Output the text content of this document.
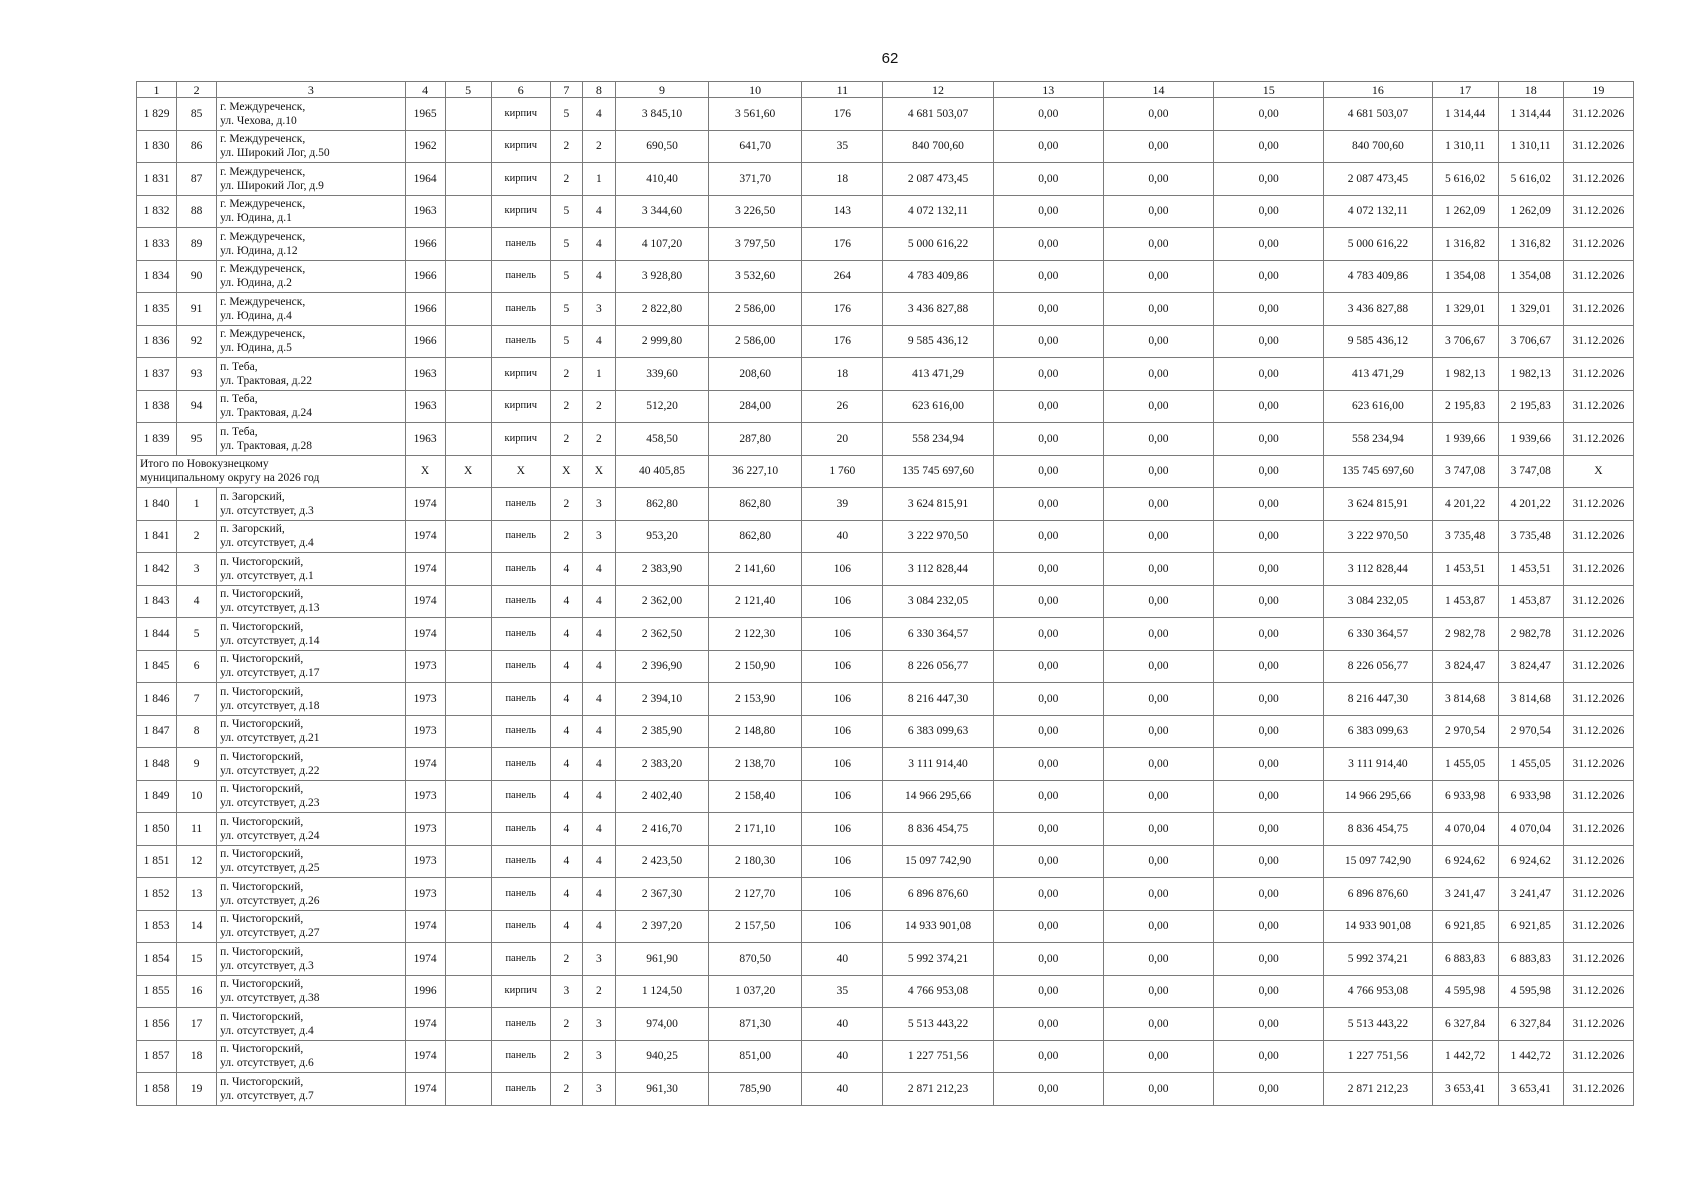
62
1	2	3	4	5	6	7	8	9	10	11	12	13	14	15	16	17	18	19
1 829	85	г. Междуреченск,
ул. Чехова, д.10	1965		кирпич	5	4	3 845,10	3 561,60	176	4 681 503,07	0,00	0,00	0,00	4 681 503,07	1 314,44	1 314,44	31.12.2026
1 830	86	г. Междуреченск,
ул. Широкий Лог, д.50	1962		кирпич	2	2	690,50	641,70	35	840 700,60	0,00	0,00	0,00	840 700,60	1 310,11	1 310,11	31.12.2026
1 831	87	г. Междуреченск,
ул. Широкий Лог, д.9	1964		кирпич	2	1	410,40	371,70	18	2 087 473,45	0,00	0,00	0,00	2 087 473,45	5 616,02	5 616,02	31.12.2026
1 832	88	г. Междуреченск,
ул. Юдина, д.1	1963		кирпич	5	4	3 344,60	3 226,50	143	4 072 132,11	0,00	0,00	0,00	4 072 132,11	1 262,09	1 262,09	31.12.2026
1 833	89	г. Междуреченск,
ул. Юдина, д.12	1966		панель	5	4	4 107,20	3 797,50	176	5 000 616,22	0,00	0,00	0,00	5 000 616,22	1 316,82	1 316,82	31.12.2026
1 834	90	г. Междуреченск,
ул. Юдина, д.2	1966		панель	5	4	3 928,80	3 532,60	264	4 783 409,86	0,00	0,00	0,00	4 783 409,86	1 354,08	1 354,08	31.12.2026
1 835	91	г. Междуреченск,
ул. Юдина, д.4	1966		панель	5	3	2 822,80	2 586,00	176	3 436 827,88	0,00	0,00	0,00	3 436 827,88	1 329,01	1 329,01	31.12.2026
1 836	92	г. Междуреченск,
ул. Юдина, д.5	1966		панель	5	4	2 999,80	2 586,00	176	9 585 436,12	0,00	0,00	0,00	9 585 436,12	3 706,67	3 706,67	31.12.2026
1 837	93	п. Теба,
ул. Трактовая, д.22	1963		кирпич	2	1	339,60	208,60	18	413 471,29	0,00	0,00	0,00	413 471,29	1 982,13	1 982,13	31.12.2026
1 838	94	п. Теба,
ул. Трактовая, д.24	1963		кирпич	2	2	512,20	284,00	26	623 616,00	0,00	0,00	0,00	623 616,00	2 195,83	2 195,83	31.12.2026
1 839	95	п. Теба,
ул. Трактовая, д.28	1963		кирпич	2	2	458,50	287,80	20	558 234,94	0,00	0,00	0,00	558 234,94	1 939,66	1 939,66	31.12.2026

Итого по Новокузнецкому
муниципальному округу на 2026 год			X	X	X	X	X	40 405,85	36 227,10	1 760	135 745 697,60	0,00	0,00	0,00	135 745 697,60	3 747,08	3 747,08	X
1 840	1	п. Загорский,
ул. отсутствует, д.3	1974		панель	2	3	862,80	862,80	39	3 624 815,91	0,00	0,00	0,00	3 624 815,91	4 201,22	4 201,22	31.12.2026
1 841	2	п. Загорский,
ул. отсутствует, д.4	1974		панель	2	3	953,20	862,80	40	3 222 970,50	0,00	0,00	0,00	3 222 970,50	3 735,48	3 735,48	31.12.2026
1 842	3	п. Чистогорский,
ул. отсутствует, д.1	1974		панель	4	4	2 383,90	2 141,60	106	3 112 828,44	0,00	0,00	0,00	3 112 828,44	1 453,51	1 453,51	31.12.2026
1 843	4	п. Чистогорский,
ул. отсутствует, д.13	1974		панель	4	4	2 362,00	2 121,40	106	3 084 232,05	0,00	0,00	0,00	3 084 232,05	1 453,87	1 453,87	31.12.2026
1 844	5	п. Чистогорский,
ул. отсутствует, д.14	1974		панель	4	4	2 362,50	2 122,30	106	6 330 364,57	0,00	0,00	0,00	6 330 364,57	2 982,78	2 982,78	31.12.2026
1 845	6	п. Чистогорский,
ул. отсутствует, д.17	1973		панель	4	4	2 396,90	2 150,90	106	8 226 056,77	0,00	0,00	0,00	8 226 056,77	3 824,47	3 824,47	31.12.2026
1 846	7	п. Чистогорский,
ул. отсутствует, д.18	1973		панель	4	4	2 394,10	2 153,90	106	8 216 447,30	0,00	0,00	0,00	8 216 447,30	3 814,68	3 814,68	31.12.2026
1 847	8	п. Чистогорский,
ул. отсутствует, д.21	1973		панель	4	4	2 385,90	2 148,80	106	6 383 099,63	0,00	0,00	0,00	6 383 099,63	2 970,54	2 970,54	31.12.2026
1 848	9	п. Чистогорский,
ул. отсутствует, д.22	1974		панель	4	4	2 383,20	2 138,70	106	3 111 914,40	0,00	0,00	0,00	3 111 914,40	1 455,05	1 455,05	31.12.2026
1 849	10	п. Чистогорский,
ул. отсутствует, д.23	1973		панель	4	4	2 402,40	2 158,40	106	14 966 295,66	0,00	0,00	0,00	14 966 295,66	6 933,98	6 933,98	31.12.2026
1 850	11	п. Чистогорский,
ул. отсутствует, д.24	1973		панель	4	4	2 416,70	2 171,10	106	8 836 454,75	0,00	0,00	0,00	8 836 454,75	4 070,04	4 070,04	31.12.2026
1 851	12	п. Чистогорский,
ул. отсутствует, д.25	1973		панель	4	4	2 423,50	2 180,30	106	15 097 742,90	0,00	0,00	0,00	15 097 742,90	6 924,62	6 924,62	31.12.2026
1 852	13	п. Чистогорский,
ул. отсутствует, д.26	1973		панель	4	4	2 367,30	2 127,70	106	6 896 876,60	0,00	0,00	0,00	6 896 876,60	3 241,47	3 241,47	31.12.2026
1 853	14	п. Чистогорский,
ул. отсутствует, д.27	1974		панель	4	4	2 397,20	2 157,50	106	14 933 901,08	0,00	0,00	0,00	14 933 901,08	6 921,85	6 921,85	31.12.2026
1 854	15	п. Чистогорский,
ул. отсутствует, д.3	1974		панель	2	3	961,90	870,50	40	5 992 374,21	0,00	0,00	0,00	5 992 374,21	6 883,83	6 883,83	31.12.2026
1 855	16	п. Чистогорский,
ул. отсутствует, д.38	1996		кирпич	3	2	1 124,50	1 037,20	35	4 766 953,08	0,00	0,00	0,00	4 766 953,08	4 595,98	4 595,98	31.12.2026
1 856	17	п. Чистогорский,
ул. отсутствует, д.4	1974		панель	2	3	974,00	871,30	40	5 513 443,22	0,00	0,00	0,00	5 513 443,22	6 327,84	6 327,84	31.12.2026
1 857	18	п. Чистогорский,
ул. отсутствует, д.6	1974		панель	2	3	940,25	851,00	40	1 227 751,56	0,00	0,00	0,00	1 227 751,56	1 442,72	1 442,72	31.12.2026
1 858	19	п. Чистогорский,
ул. отсутствует, д.7	1974		панель	2	3	961,30	785,90	40	2 871 212,23	0,00	0,00	0,00	2 871 212,23	3 653,41	3 653,41	31.12.2026
